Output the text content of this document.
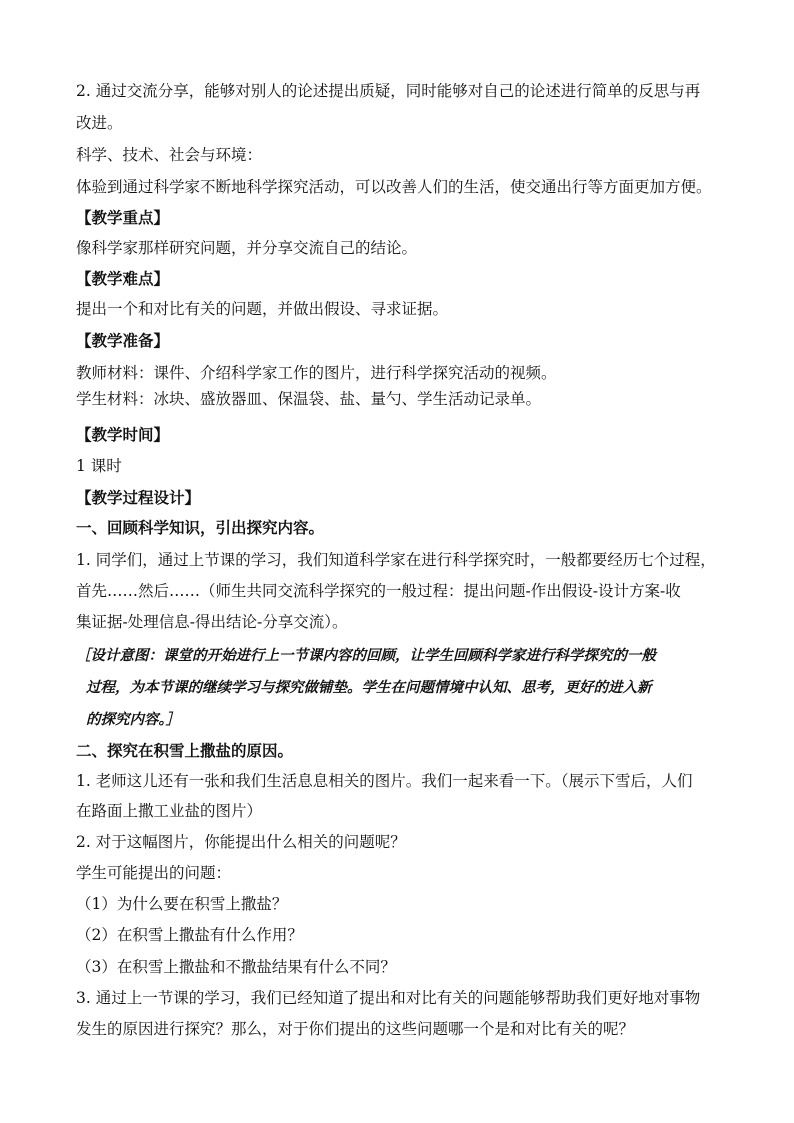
2. 通过交流分享，能够对别人的论述提出质疑，同时能够对自己的论述进行简单的反思与再
改进。
科学、技术、社会与环境：
体验到通过科学家不断地科学探究活动，可以改善人们的生活，使交通出行等方面更加方便。
【教学重点】
像科学家那样研究问题，并分享交流自己的结论。
【教学难点】
提出一个和对比有关的问题，并做出假设、寻求证据。
【教学准备】
教师材料：课件、介绍科学家工作的图片，进行科学探究活动的视频。
学生材料：冰块、盛放器皿、保温袋、盐、量勺、学生活动记录单。
【教学时间】
1 课时
【教学过程设计】
一、回顾科学知识，引出探究内容。
1. 同学们，通过上节课的学习，我们知道科学家在进行科学探究时，一般都要经历七个过程，
首先……然后……（师生共同交流科学探究的一般过程：提出问题-作出假设-设计方案-收
集证据-处理信息-得出结论-分享交流）。
［设计意图：课堂的开始进行上一节课内容的回顾，让学生回顾科学家进行科学探究的一般
过程，为本节课的继续学习与探究做铺垫。学生在问题情境中认知、思考，更好的进入新
的探究内容。］
二、探究在积雪上撒盐的原因。
1. 老师这儿还有一张和我们生活息息相关的图片。我们一起来看一下。（展示下雪后，人们
在路面上撒工业盐的图片）
2. 对于这幅图片，你能提出什么相关的问题呢？
学生可能提出的问题：
（1）为什么要在积雪上撒盐？
（2）在积雪上撒盐有什么作用？
（3）在积雪上撒盐和不撒盐结果有什么不同？
3. 通过上一节课的学习，我们已经知道了提出和对比有关的问题能够帮助我们更好地对事物
发生的原因进行探究？那么，对于你们提出的这些问题哪一个是和对比有关的呢？
